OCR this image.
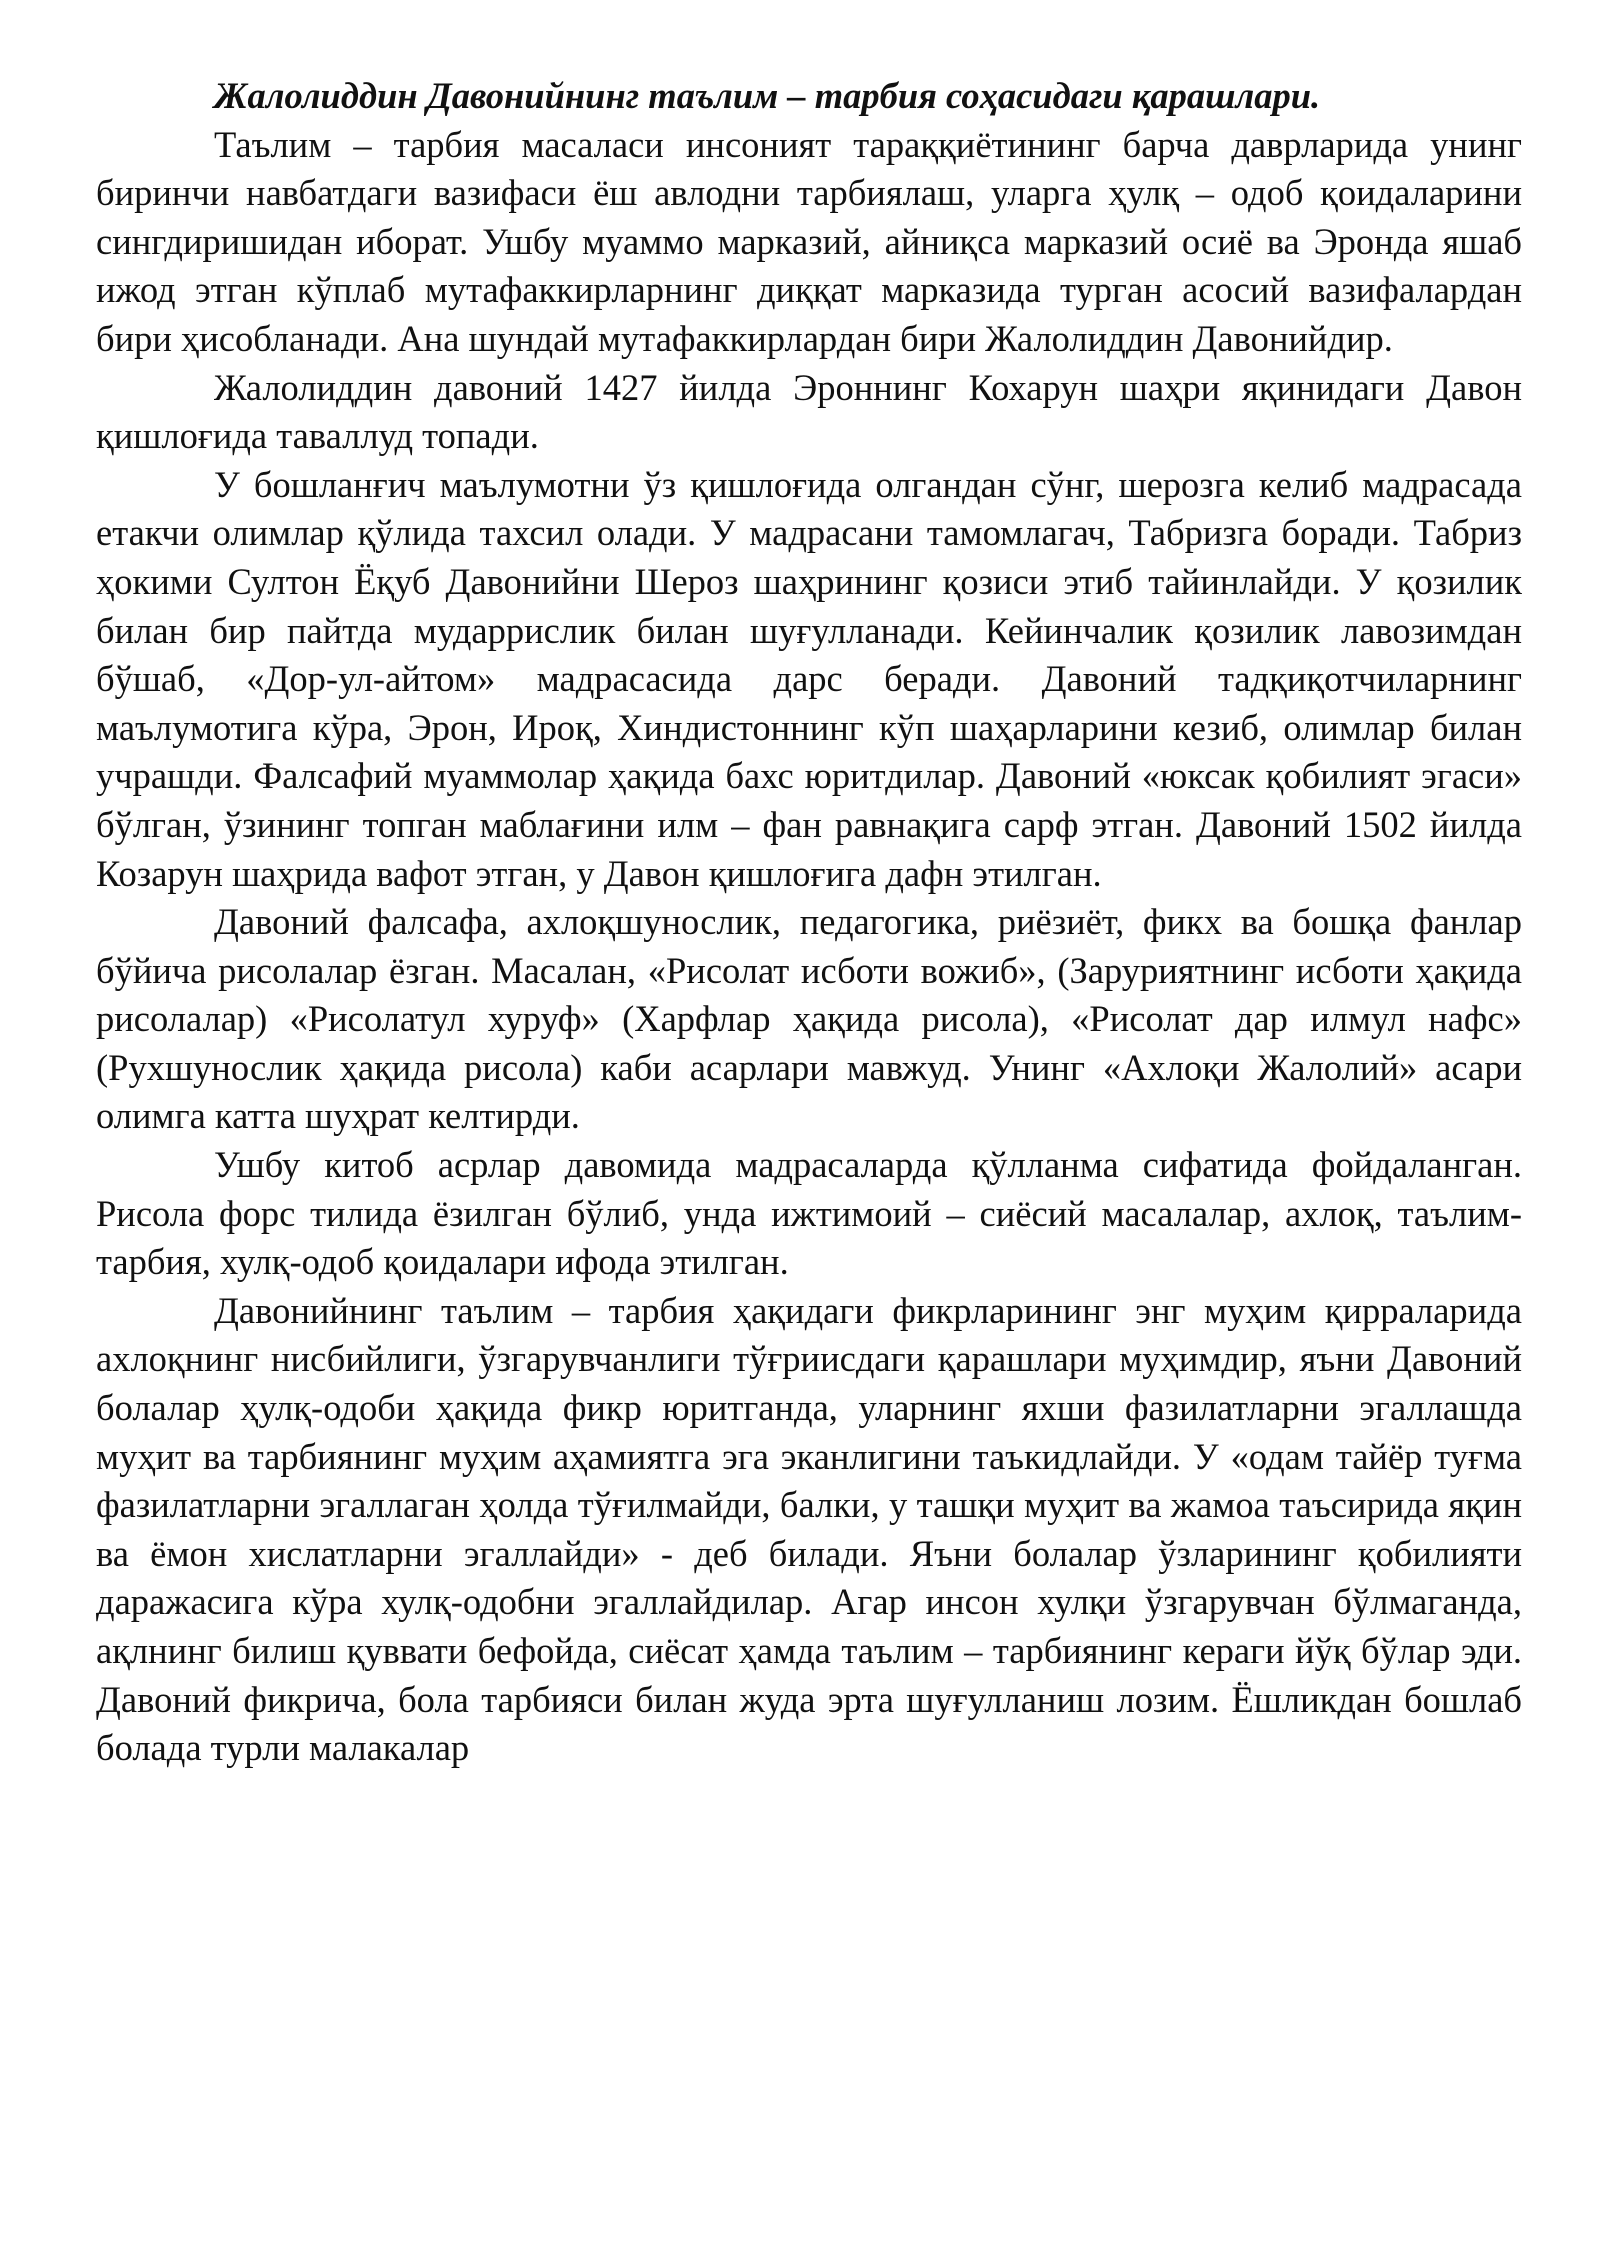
Жалолиддин Давонийнинг таълим – тарбия соҳасидаги қарашлари.

Таълим – тарбия масаласи инсоният тараққиётининг барча даврларида унинг биринчи навбатдаги вазифаси ёш авлодни тарбиялаш, уларга ҳулқ – одоб қоидаларини сингдиришидан иборат. Ушбу муаммо марказий, айниқса марказий осиё ва Эронда яшаб ижод этган кўплаб мутафаккирларнинг диққат марказида турган асосий вазифалардан бири ҳисобланади. Ана шундай мутафаккирлардан бири Жалолиддин Давонийдир.

Жалолиддин давоний 1427 йилда Эроннинг Кохарун шаҳри яқинидаги Давон қишлоғида таваллуд топади.

У бошланғич маълумотни ўз қишлоғида олгандан сўнг, шерозга келиб мадрасада етакчи олимлар қўлида тахсил олади. У мадрасани тамомлагач, Табризга боради. Табриз ҳокими Султон Ёқуб Давонийни Шероз шаҳрининг қозиси этиб тайинлайди. У қозилик билан бир пайтда мударрислик билан шуғулланади. Кейинчалик қозилик лавозимдан бўшаб, «Дор-ул-айтом» мадрасасида дарс беради. Давоний тадқиқотчиларнинг маълумотига кўра, Эрон, Ироқ, Хиндистоннинг кўп шаҳарларини кезиб, олимлар билан учрашди. Фалсафий муаммолар ҳақида бахс юритдилар. Давоний «юксак қобилият эгаси» бўлган, ўзининг топган маблағини илм – фан равнақига сарф этган. Давоний 1502 йилда Козарун шаҳрида вафот этган, у Давон қишлоғига дафн этилган.

Давоний фалсафа, ахлоқшунослик, педагогика, риёзиёт, фикх ва бошқа фанлар бўйича рисолалар ёзган. Масалан, «Рисолат исботи вожиб», (Заруриятнинг исботи ҳақида рисолалар) «Рисолатул хуруф» (Харфлар ҳақида рисола), «Рисолат дар илмул нафс» (Рухшунослик ҳақида рисола) каби асарлари мавжуд. Унинг «Ахлоқи Жалолий» асари олимга катта шуҳрат келтирди.

Ушбу китоб асрлар давомида мадрасаларда қўлланма сифатида фойдаланган. Рисола форс тилида ёзилган бўлиб, унда ижтимоий – сиёсий масалалар, ахлоқ, таълим-тарбия, хулқ-одоб қоидалари ифода этилган.

Давонийнинг таълим – тарбия ҳақидаги фикрларининг энг муҳим қирраларида ахлоқнинг нисбийлиги, ўзгарувчанлиги тўғриисдаги қарашлари муҳимдир, яъни Давоний болалар ҳулқ-одоби ҳақида фикр юритганда, уларнинг яхши фазилатларни эгаллашда муҳит ва тарбиянинг муҳим аҳамиятга эга эканлигини таъкидлайди. У «одам тайёр туғма фазилатларни эгаллаган ҳолда тўғилмайди, балки, у ташқи муҳит ва жамоа таъсирида яқин ва ёмон хислатларни эгаллайди» - деб билади. Яъни болалар ўзларининг қобилияти даражасига кўра хулқ-одобни эгаллайдилар. Агар инсон хулқи ўзгарувчан бўлмаганда, ақлнинг билиш қуввати бефойда, сиёсат ҳамда таълим – тарбиянинг кераги йўқ бўлар эди. Давоний фикрича, бола тарбияси билан жуда эрта шуғулланиш лозим. Ёшликдан бошлаб болада турли малакалар
